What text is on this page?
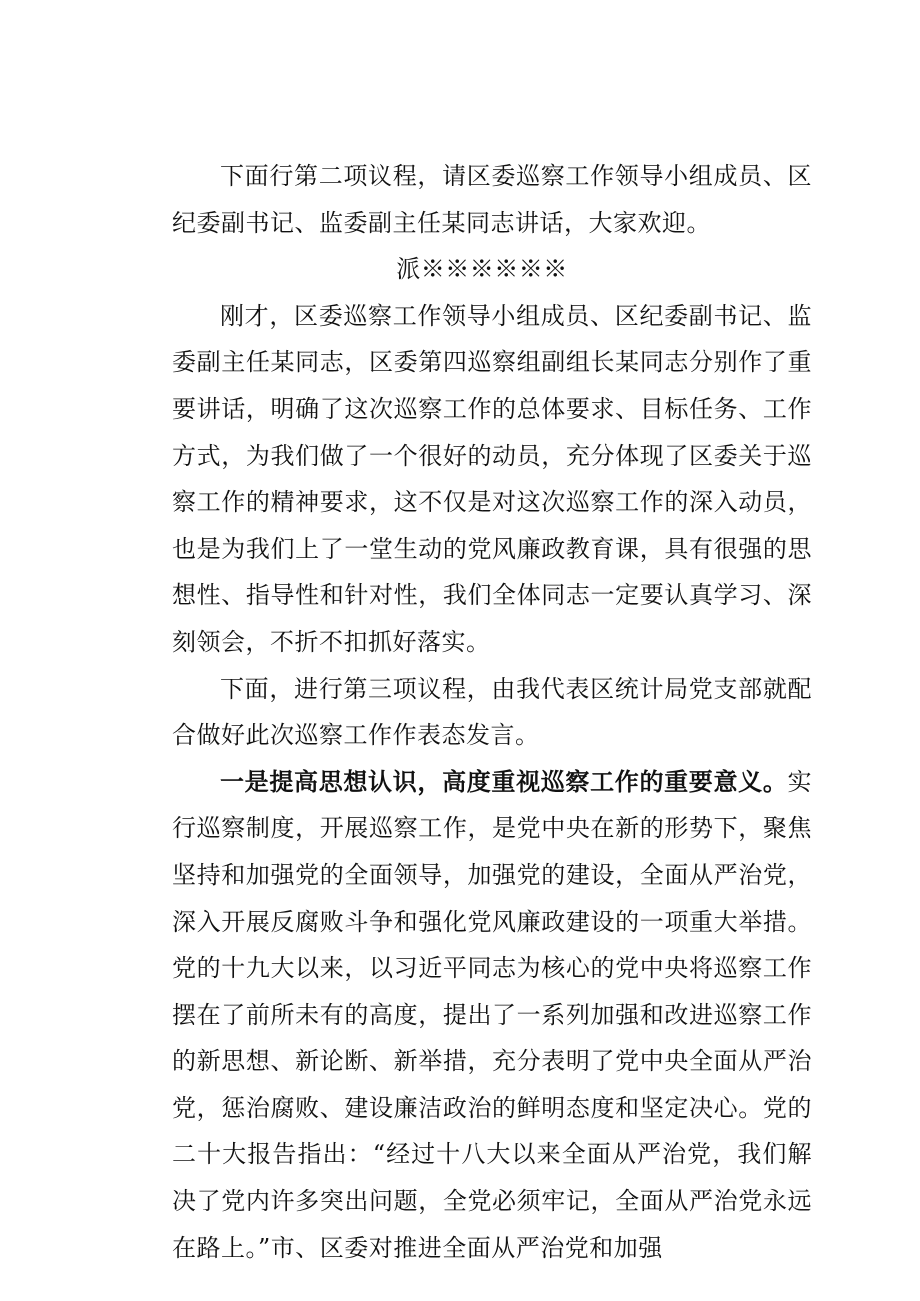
下面行第二项议程，请区委巡察工作领导小组成员、区纪委副书记、监委副主任某同志讲话，大家欢迎。

派※※※※※※

刚才，区委巡察工作领导小组成员、区纪委副书记、监委副主任某同志，区委第四巡察组副组长某同志分别作了重要讲话，明确了这次巡察工作的总体要求、目标任务、工作方式，为我们做了一个很好的动员，充分体现了区委关于巡察工作的精神要求，这不仅是对这次巡察工作的深入动员，也是为我们上了一堂生动的党风廉政教育课，具有很强的思想性、指导性和针对性，我们全体同志一定要认真学习、深刻领会，不折不扣抓好落实。

下面，进行第三项议程，由我代表区统计局党支部就配合做好此次巡察工作作表态发言。

一是提高思想认识，高度重视巡察工作的重要意义。实行巡察制度，开展巡察工作，是党中央在新的形势下，聚焦坚持和加强党的全面领导，加强党的建设，全面从严治党，深入开展反腐败斗争和强化党风廉政建设的一项重大举措。党的十九大以来，以习近平同志为核心的党中央将巡察工作摆在了前所未有的高度，提出了一系列加强和改进巡察工作的新思想、新论断、新举措，充分表明了党中央全面从严治党，惩治腐败、建设廉洁政治的鲜明态度和坚定决心。党的二十大报告指出：“经过十八大以来全面从严治党，我们解决了党内许多突出问题，全党必须牢记，全面从严治党永远在路上。”市、区委对推进全面从严治党和加强
